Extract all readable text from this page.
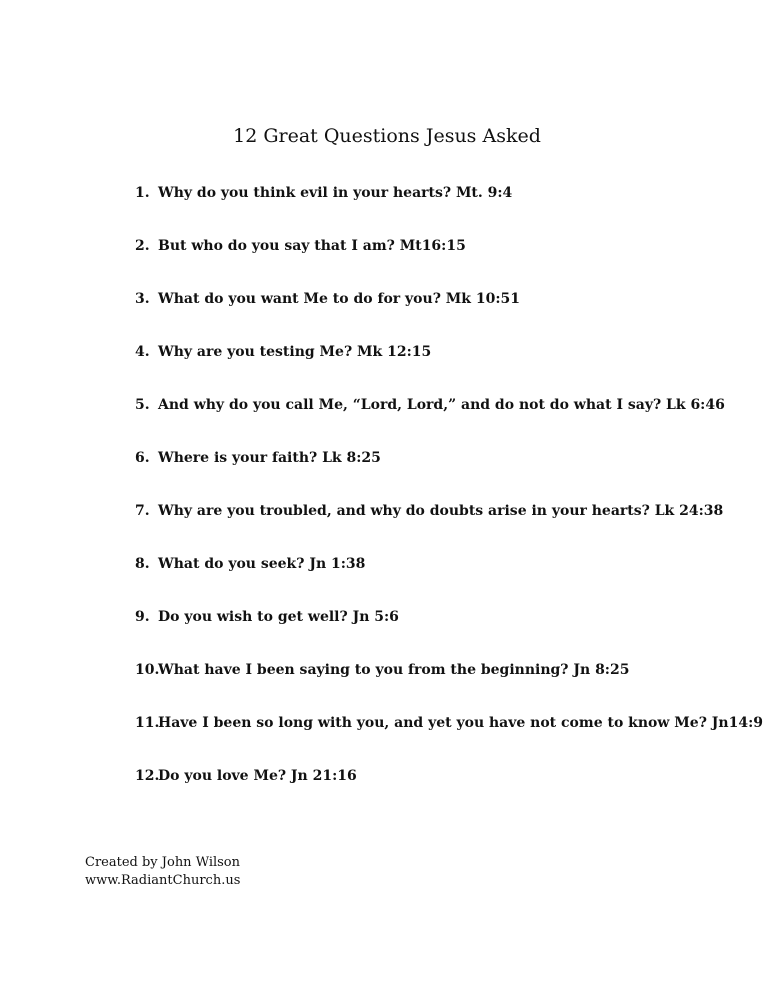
12 Great Questions Jesus Asked
1. Why do you think evil in your hearts? Mt. 9:4
2. But who do you say that I am? Mt16:15
3. What do you want Me to do for you? Mk 10:51
4. Why are you testing Me? Mk 12:15
5. And why do you call Me, “Lord, Lord,” and do not do what I say? Lk 6:46
6. Where is your faith? Lk 8:25
7. Why are you troubled, and why do doubts arise in your hearts? Lk 24:38
8. What do you seek? Jn 1:38
9. Do you wish to get well? Jn 5:6
10.
What have I been saying to you from the beginning? Jn 8:25
11.
Have I been so long with you, and yet you have not come to know Me? Jn14:9
12.
Do you love Me? Jn 21:16
Created by John Wilson
www.RadiantChurch.us
